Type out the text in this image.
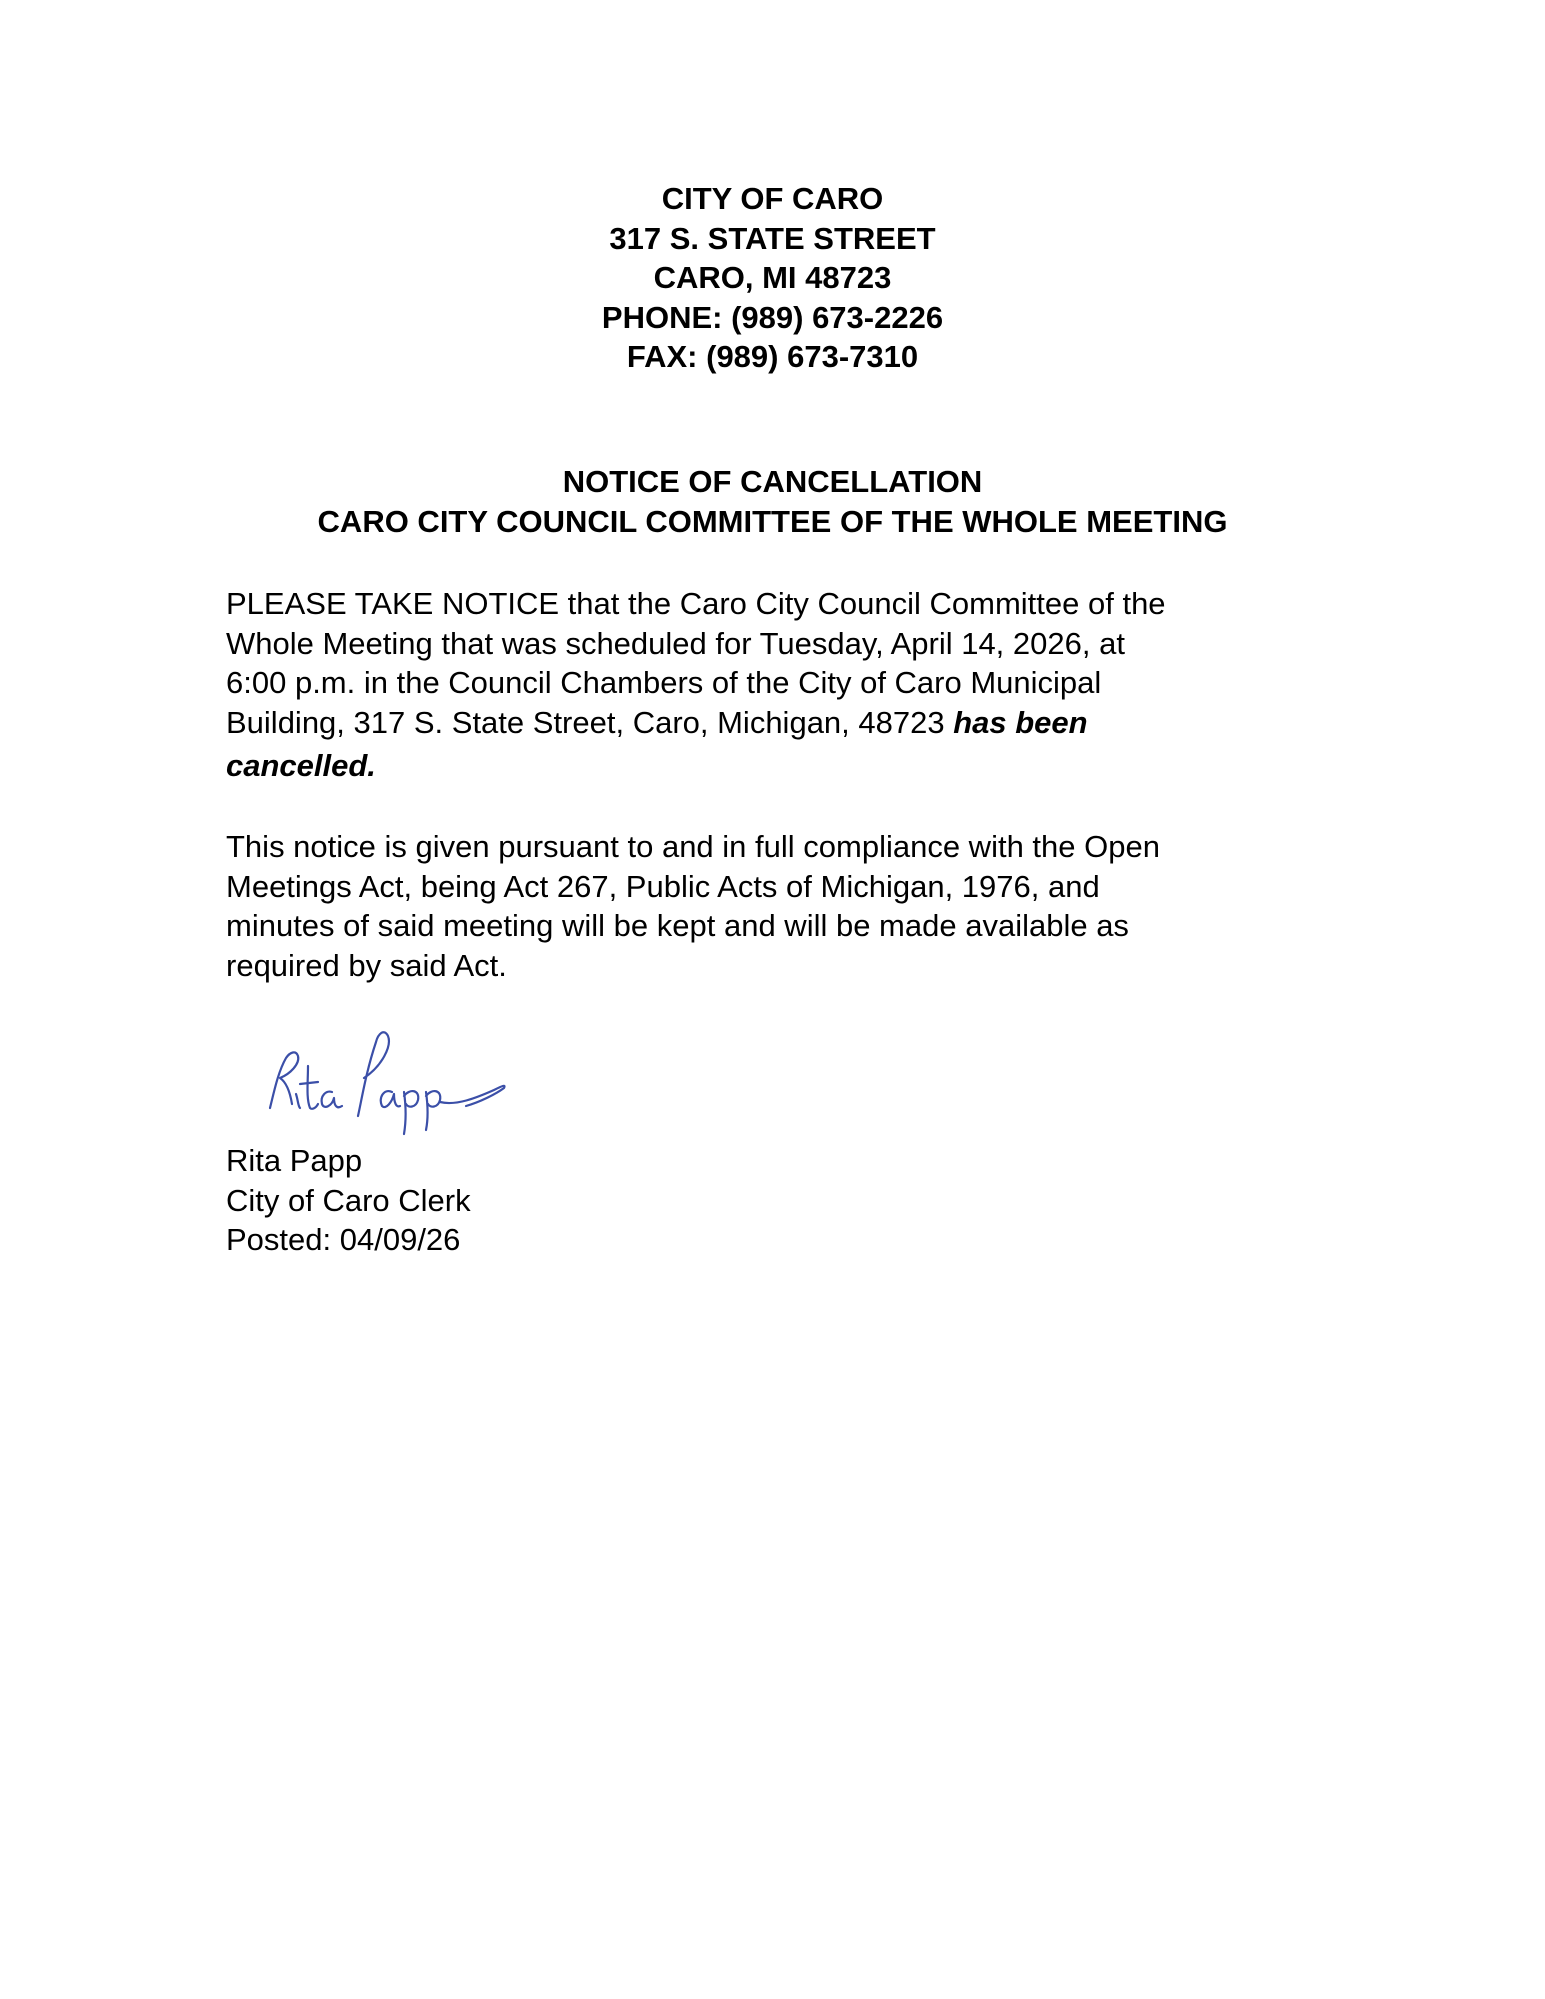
CITY OF CARO
317 S. STATE STREET
CARO, MI 48723
PHONE: (989) 673-2226
FAX: (989) 673-7310
NOTICE OF CANCELLATION
CARO CITY COUNCIL COMMITTEE OF THE WHOLE MEETING
PLEASE TAKE NOTICE that the Caro City Council Committee of the
Whole Meeting that was scheduled for Tuesday, April 14, 2026, at
6:00 p.m. in the Council Chambers of the City of Caro Municipal
Building, 317 S. State Street, Caro, Michigan, 48723 has been
cancelled.
This notice is given pursuant to and in full compliance with the Open
Meetings Act, being Act 267, Public Acts of Michigan, 1976, and
minutes of said meeting will be kept and will be made available as
required by said Act.
Rita Papp
City of Caro Clerk
Posted: 04/09/26
